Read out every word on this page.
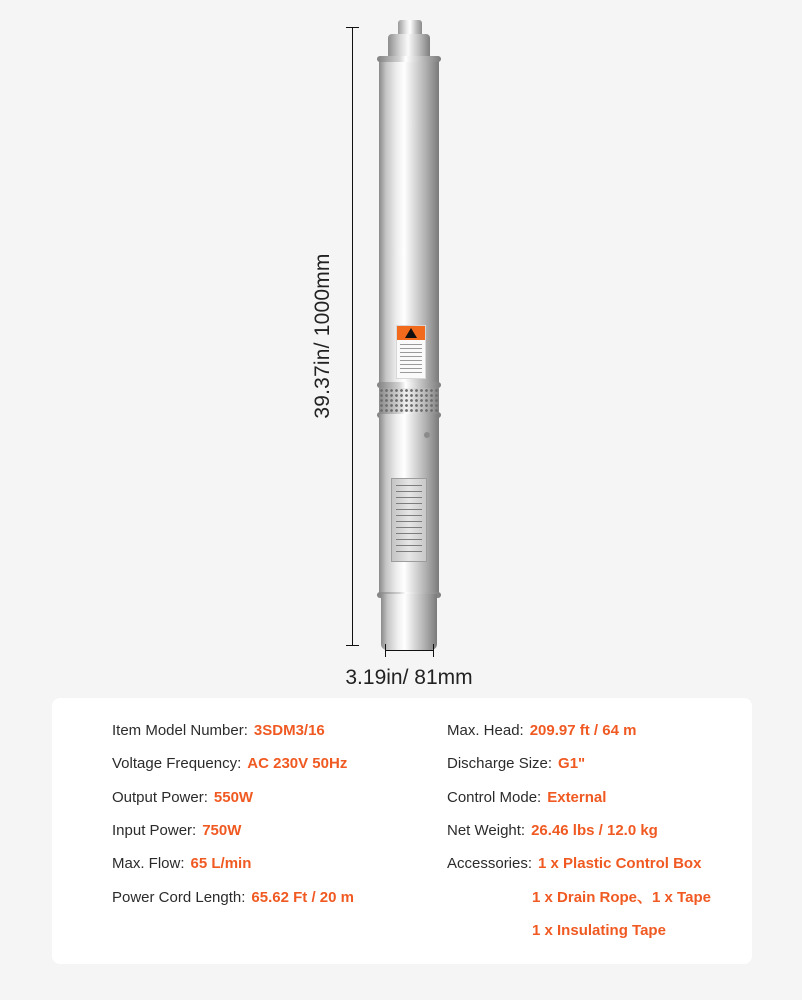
39.37in/ 1000mm
3.19in/ 81mm
Item Model Number: 3SDM3/16
Voltage Frequency: AC 230V 50Hz
Output Power: 550W
Input Power: 750W
Max. Flow: 65 L/min
Power Cord Length: 65.62 Ft / 20 m
Max. Head: 209.97 ft / 64 m
Discharge Size: G1"
Control Mode: External
Net Weight: 26.46 lbs / 12.0 kg
Accessories: 1 x Plastic Control Box
1 x Drain Rope、1 x Tape
1 x Insulating Tape
